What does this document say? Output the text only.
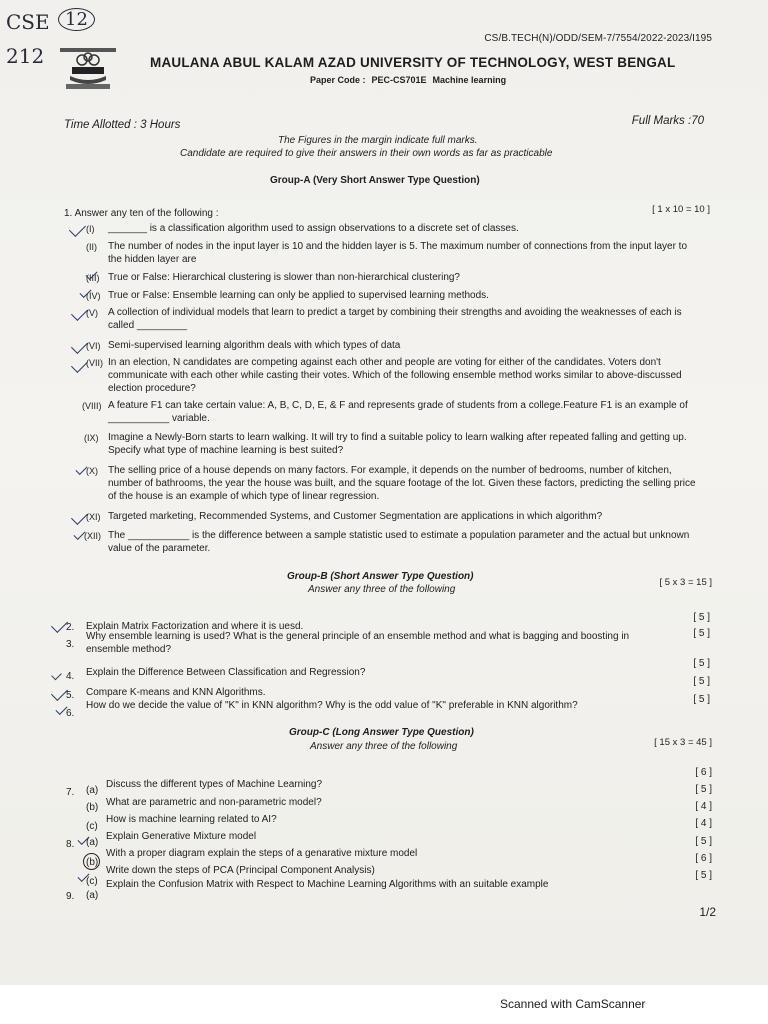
CSE 12
212
CS/B.TECH(N)/ODD/SEM-7/7554/2022-2023/I195
MAULANA ABUL KALAM AZAD UNIVERSITY OF TECHNOLOGY, WEST BENGAL
Paper Code : PEC-CS701E Machine learning
Time Allotted : 3 Hours	Full Marks :70
The Figures in the margin indicate full marks.
Candidate are required to give their answers in their own words as far as practicable
Group-A (Very Short Answer Type Question)
1. Answer any ten of the following :	[ 1 x 10 = 10 ]
(I) _______ is a classification algorithm used to assign observations to a discrete set of classes.
(II) The number of nodes in the input layer is 10 and the hidden layer is 5. The maximum number of connections from the input layer to the hidden layer are
(III) True or False: Hierarchical clustering is slower than non-hierarchical clustering?
(IV) True or False: Ensemble learning can only be applied to supervised learning methods.
(V) A collection of individual models that learn to predict a target by combining their strengths and avoiding the weaknesses of each is called _________
(VI) Semi-supervised learning algorithm deals with which types of data
(VII) In an election, N candidates are competing against each other and people are voting for either of the candidates. Voters don't communicate with each other while casting their votes. Which of the following ensemble method works similar to above-discussed election procedure?
(VIII) A feature F1 can take certain value: A, B, C, D, E, & F and represents grade of students from a college.Feature F1 is an example of ___________ variable.
(IX) Imagine a Newly-Born starts to learn walking. It will try to find a suitable policy to learn walking after repeated falling and getting up. Specify what type of machine learning is best suited?
(X) The selling price of a house depends on many factors. For example, it depends on the number of bedrooms, number of kitchen, number of bathrooms, the year the house was built, and the square footage of the lot. Given these factors, predicting the selling price of the house is an example of which type of linear regression.
(XI) Targeted marketing, Recommended Systems, and Customer Segmentation are applications in which algorithm?
(XII) The ___________ is the difference between a sample statistic used to estimate a population parameter and the actual but unknown value of the parameter.
Group-B (Short Answer Type Question)
Answer any three of the following
[ 5 x 3 = 15 ]
2. Explain Matrix Factorization and where it is uesd.
[ 5 ]
3.
Why ensemble learning is used? What is the general principle of an ensemble method and what is bagging and boosting in ensemble method?
[ 5 ]
4. Explain the Difference Between Classification and Regression?
[ 5 ]
5. Compare K-means and KNN Algorithms.
[ 5 ]
6.
How do we decide the value of "K" in KNN algorithm? Why is the odd value of "K" preferable in KNN algorithm?
[ 5 ]
Group-C (Long Answer Type Question)
Answer any three of the following	[ 15 x 3 = 45 ]
7. (a)
Discuss the different types of Machine Learning?
[ 6 ]
(b) What are parametric and non-parametric model?
[ 5 ]
(c)
How is machine learning related to AI?
[ 4 ]
8. (a)
Explain Generative Mixture model
[ 4 ]
(b)
With a proper diagram explain the steps of a genarative mixture model
[ 5 ]
(c)
Write down the steps of PCA (Principal Component Analysis)
[ 6 ]
9. (a)
Explain the Confusion Matrix with Respect to Machine Learning Algorithms with an suitable example
[ 5 ]
1/2
Scanned with CamScanner
